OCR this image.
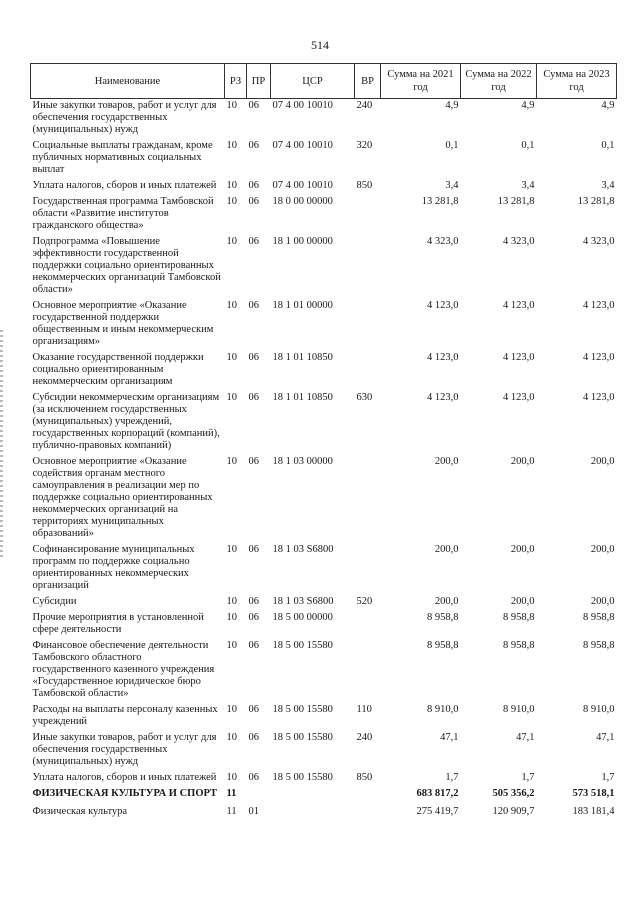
514
Наименование	РЗ	ПР	ЦСР	ВР	Сумма на 2021 год	Сумма на 2022 год	Сумма на 2023 год
Иные закупки товаров, работ и услуг для обеспечения государственных (муниципальных) нужд	10	06	07 4 00 10010	240	4,9	4,9	4,9
Социальные выплаты гражданам, кроме публичных нормативных социальных выплат	10	06	07 4 00 10010	320	0,1	0,1	0,1
Уплата налогов, сборов и иных платежей	10	06	07 4 00 10010	850	3,4	3,4	3,4
Государственная программа Тамбовской области «Развитие институтов гражданского общества»	10	06	18 0 00 00000		13 281,8	13 281,8	13 281,8
Подпрограмма «Повышение эффективности государственной поддержки социально ориентированных некоммерческих организаций Тамбовской области»	10	06	18 1 00 00000		4 323,0	4 323,0	4 323,0
Основное мероприятие «Оказание государственной поддержки общественным и иным некоммерческим организациям»	10	06	18 1 01 00000		4 123,0	4 123,0	4 123,0
Оказание государственной поддержки социально ориентированным некоммерческим организациям	10	06	18 1 01 10850		4 123,0	4 123,0	4 123,0
Субсидии некоммерческим организациям (за исключением государственных (муниципальных) учреждений, государственных корпораций (компаний), публично-правовых компаний)	10	06	18 1 01 10850	630	4 123,0	4 123,0	4 123,0
Основное мероприятие «Оказание содействия органам местного самоуправления в реализации мер по поддержке социально ориентированных некоммерческих организаций на территориях муниципальных образований»	10	06	18 1 03 00000		200,0	200,0	200,0
Софинансирование муниципальных программ по поддержке социально ориентированных некоммерческих организаций	10	06	18 1 03 S6800		200,0	200,0	200,0
Субсидии	10	06	18 1 03 S6800	520	200,0	200,0	200,0
Прочие мероприятия в установленной сфере деятельности	10	06	18 5 00 00000		8 958,8	8 958,8	8 958,8
Финансовое обеспечение деятельности Тамбовского областного государственного казенного учреждения «Государственное юридическое бюро Тамбовской области»	10	06	18 5 00 15580		8 958,8	8 958,8	8 958,8
Расходы на выплаты персоналу казенных учреждений	10	06	18 5 00 15580	110	8 910,0	8 910,0	8 910,0
Иные закупки товаров, работ и услуг для обеспечения государственных (муниципальных) нужд	10	06	18 5 00 15580	240	47,1	47,1	47,1
Уплата налогов, сборов и иных платежей	10	06	18 5 00 15580	850	1,7	1,7	1,7
ФИЗИЧЕСКАЯ КУЛЬТУРА И СПОРТ	11				683 817,2	505 356,2	573 518,1
Физическая культура	11	01			275 419,7	120 909,7	183 181,4
